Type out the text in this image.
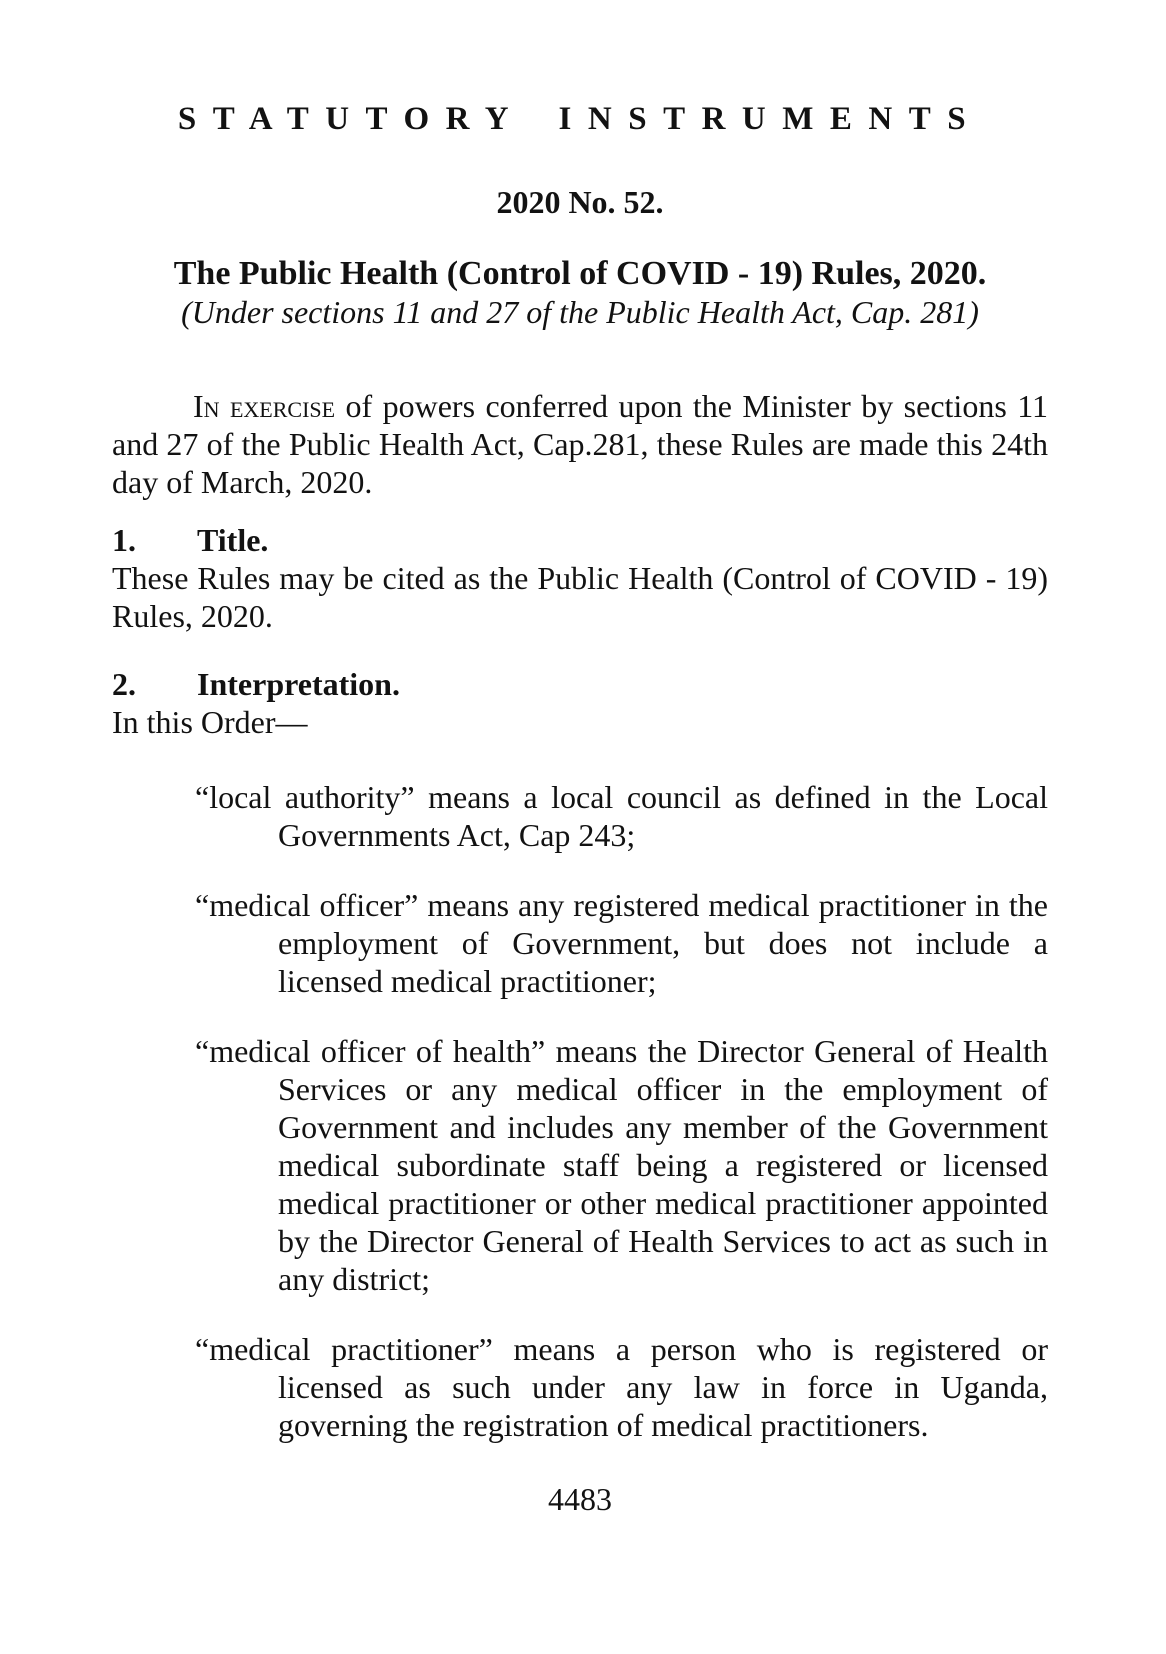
STATUTORY INSTRUMENTS
2020 No. 52.
The Public Health (Control of COVID - 19) Rules, 2020.
(Under sections 11 and 27 of the Public Health Act, Cap. 281)

In exercise of powers conferred upon the Minister by sections 11 and 27 of the Public Health Act, Cap.281, these Rules are made this 24th day of March, 2020.

1. Title.

These Rules may be cited as the Public Health (Control of COVID - 19) Rules, 2020.

2. Interpretation.

In this Order—

“local authority” means a local council as defined in the Local Governments Act, Cap 243;

“medical officer” means any registered medical practitioner in the employment of Government, but does not include a licensed medical practitioner;

“medical officer of health” means the Director General of Health Services or any medical officer in the employment of Government and includes any member of the Government medical subordinate staff being a registered or licensed medical practitioner or other medical practitioner appointed by the Director General of Health Services to act as such in any district;

“medical practitioner” means a person who is registered or licensed as such under any law in force in Uganda, governing the registration of medical practitioners.

4483
